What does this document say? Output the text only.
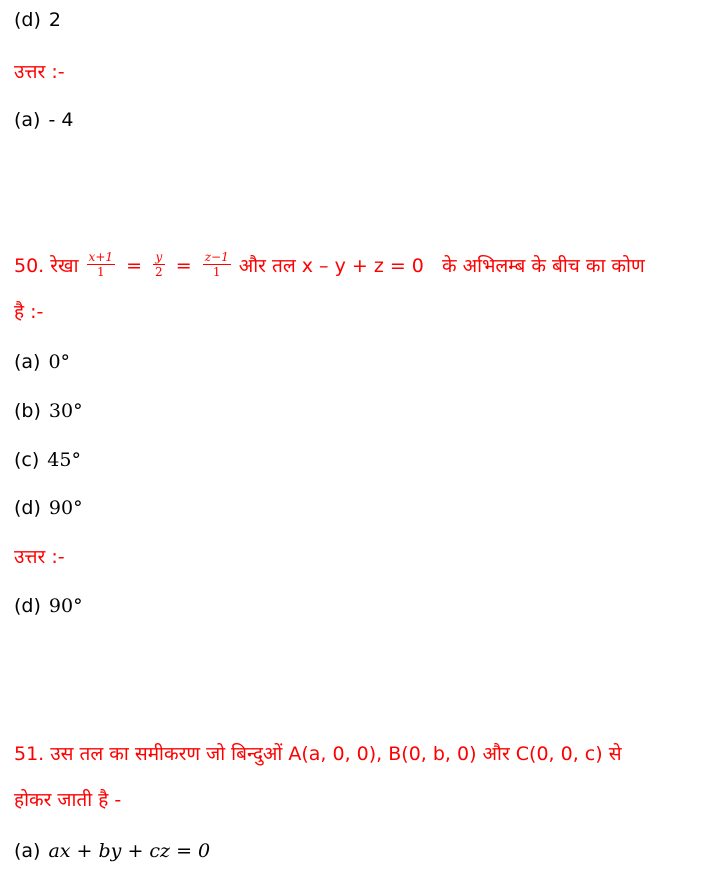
(d) 2
उत्तर :-
(a) - 4
50. रेखा $\frac{x+1}{1} = \frac{y}{2} = \frac{z-1}{1}$ और तल x – y + z = 0   के अभिलम्ब के बीच का कोण
है :-
(a) 0°
(b) 30°
(c) 45°
(d) 90°
उत्तर :-
(d) 90°
51. उस तल का समीकरण जो बिन्दुओं A(a, 0, 0), B(0, b, 0) और C(0, 0, c) से
होकर जाती है -
(a) ax + by + cz = 0
